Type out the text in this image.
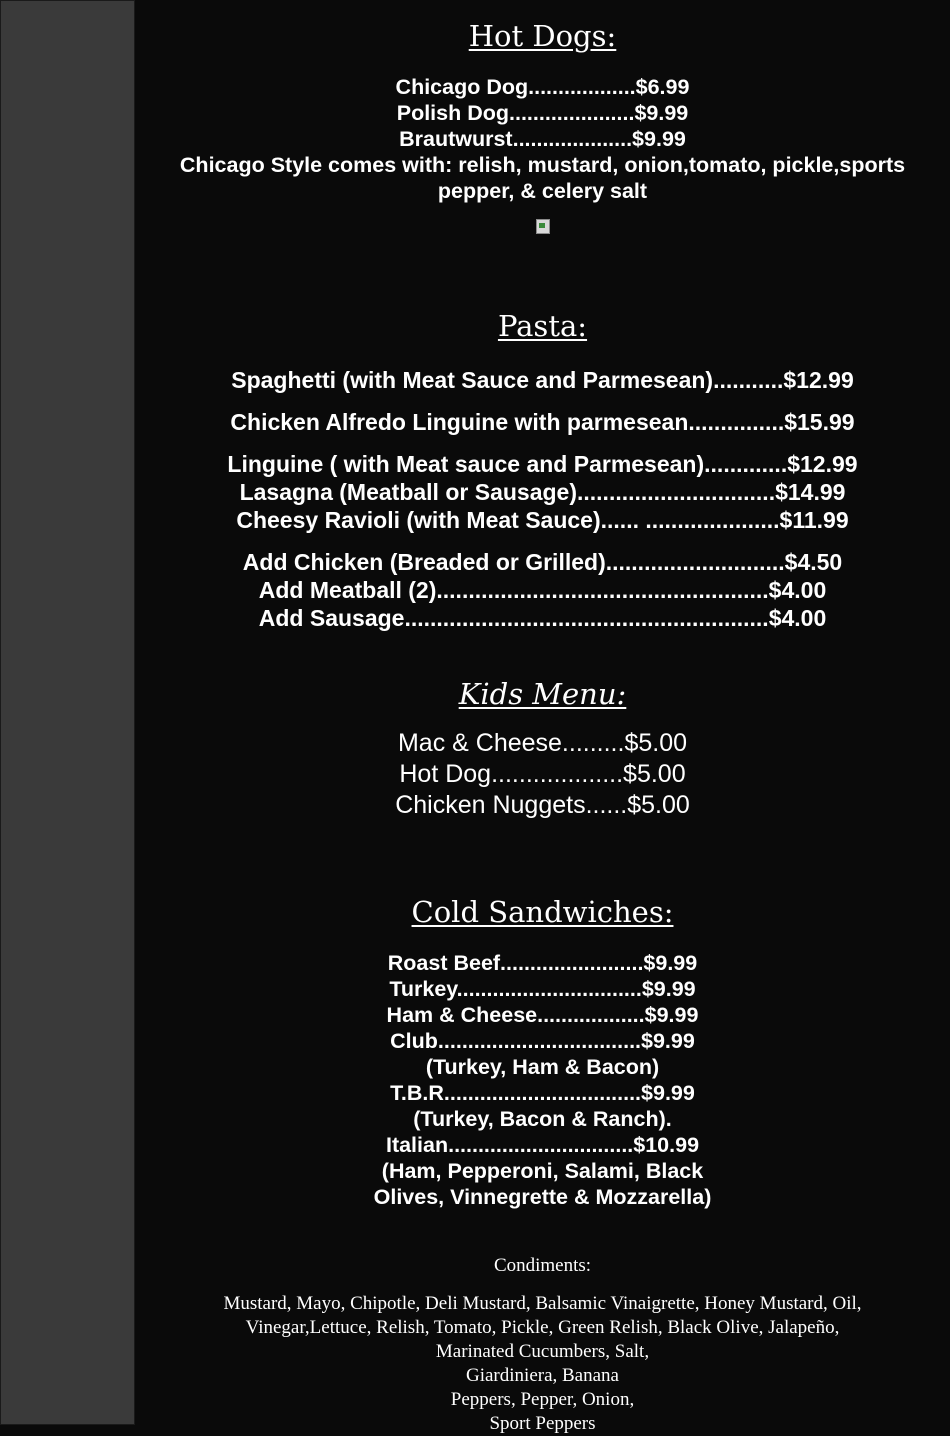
Hot Dogs:
Chicago Dog..................$6.99
Polish Dog.....................$9.99
Brautwurst....................$9.99
Chicago Style comes with: relish, mustard, onion,tomato, pickle,sports
pepper, & celery salt
Pasta:
Spaghetti (with Meat Sauce and Parmesean)...........$12.99
Chicken Alfredo Linguine with parmesean...............$15.99
Linguine ( with Meat sauce and Parmesean).............$12.99
Lasagna (Meatball or Sausage)...............................$14.99
Cheesy Ravioli (with Meat Sauce)...... .....................$11.99
Add Chicken (Breaded or Grilled)............................$4.50
Add Meatball (2)....................................................$4.00
Add Sausage.........................................................$4.00
Kids Menu:
Mac & Cheese.........$5.00
Hot Dog...................$5.00
Chicken Nuggets......$5.00
Cold Sandwiches:
Roast Beef........................$9.99
Turkey...............................$9.99
Ham & Cheese..................$9.99
Club..................................$9.99
(Turkey, Ham & Bacon)
T.B.R.................................$9.99
(Turkey, Bacon & Ranch).
Italian...............................$10.99
(Ham, Pepperoni, Salami, Black
Olives, Vinnegrette & Mozzarella)
Condiments:
Mustard, Mayo, Chipotle, Deli Mustard, Balsamic Vinaigrette, Honey Mustard, Oil,
Vinegar,Lettuce, Relish, Tomato, Pickle, Green Relish, Black Olive, Jalapeño,
Marinated Cucumbers, Salt,
Giardiniera, Banana
Peppers, Pepper, Onion,
Sport Peppers
